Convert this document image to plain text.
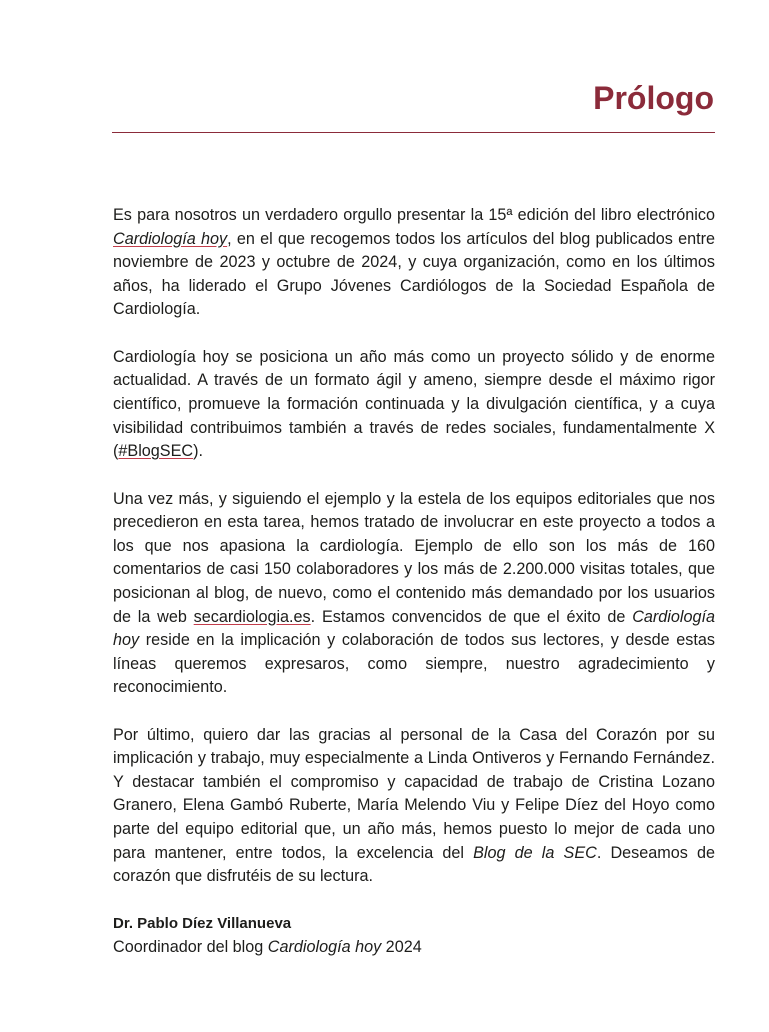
Prólogo

Es para nosotros un verdadero orgullo presentar la 15ª edición del libro electrónico Cardiología hoy, en el que recogemos todos los artículos del blog publicados entre noviembre de 2023 y octubre de 2024, y cuya organización, como en los últimos años, ha liderado el Grupo Jóvenes Cardiólogos de la Sociedad Española de Cardiología.

Cardiología hoy se posiciona un año más como un proyecto sólido y de enorme actualidad. A través de un formato ágil y ameno, siempre desde el máximo rigor científico, promueve la formación continuada y la divulgación científica, y a cuya visibilidad contribuimos también a través de redes sociales, fundamentalmente X (#BlogSEC).

Una vez más, y siguiendo el ejemplo y la estela de los equipos editoriales que nos precedieron en esta tarea, hemos tratado de involucrar en este proyecto a todos a los que nos apasiona la cardiología. Ejemplo de ello son los más de 160 comentarios de casi 150 colaboradores y los más de 2.200.000 visitas totales, que posicionan al blog, de nuevo, como el contenido más demandado por los usuarios de la web secardiologia.es. Estamos convencidos de que el éxito de Cardiología hoy reside en la implicación y colaboración de todos sus lectores, y desde estas líneas queremos expresaros, como siempre, nuestro agradecimiento y reconocimiento.

Por último, quiero dar las gracias al personal de la Casa del Corazón por su implicación y trabajo, muy especialmente a Linda Ontiveros y Fernando Fernández. Y destacar también el compromiso y capacidad de trabajo de Cristina Lozano Granero, Elena Gambó Ruberte, María Melendo Viu y Felipe Díez del Hoyo como parte del equipo editorial que, un año más, hemos puesto lo mejor de cada uno para mantener, entre todos, la excelencia del Blog de la SEC. Deseamos de corazón que disfrutéis de su lectura.

Dr. Pablo Díez Villanueva
Coordinador del blog Cardiología hoy 2024
